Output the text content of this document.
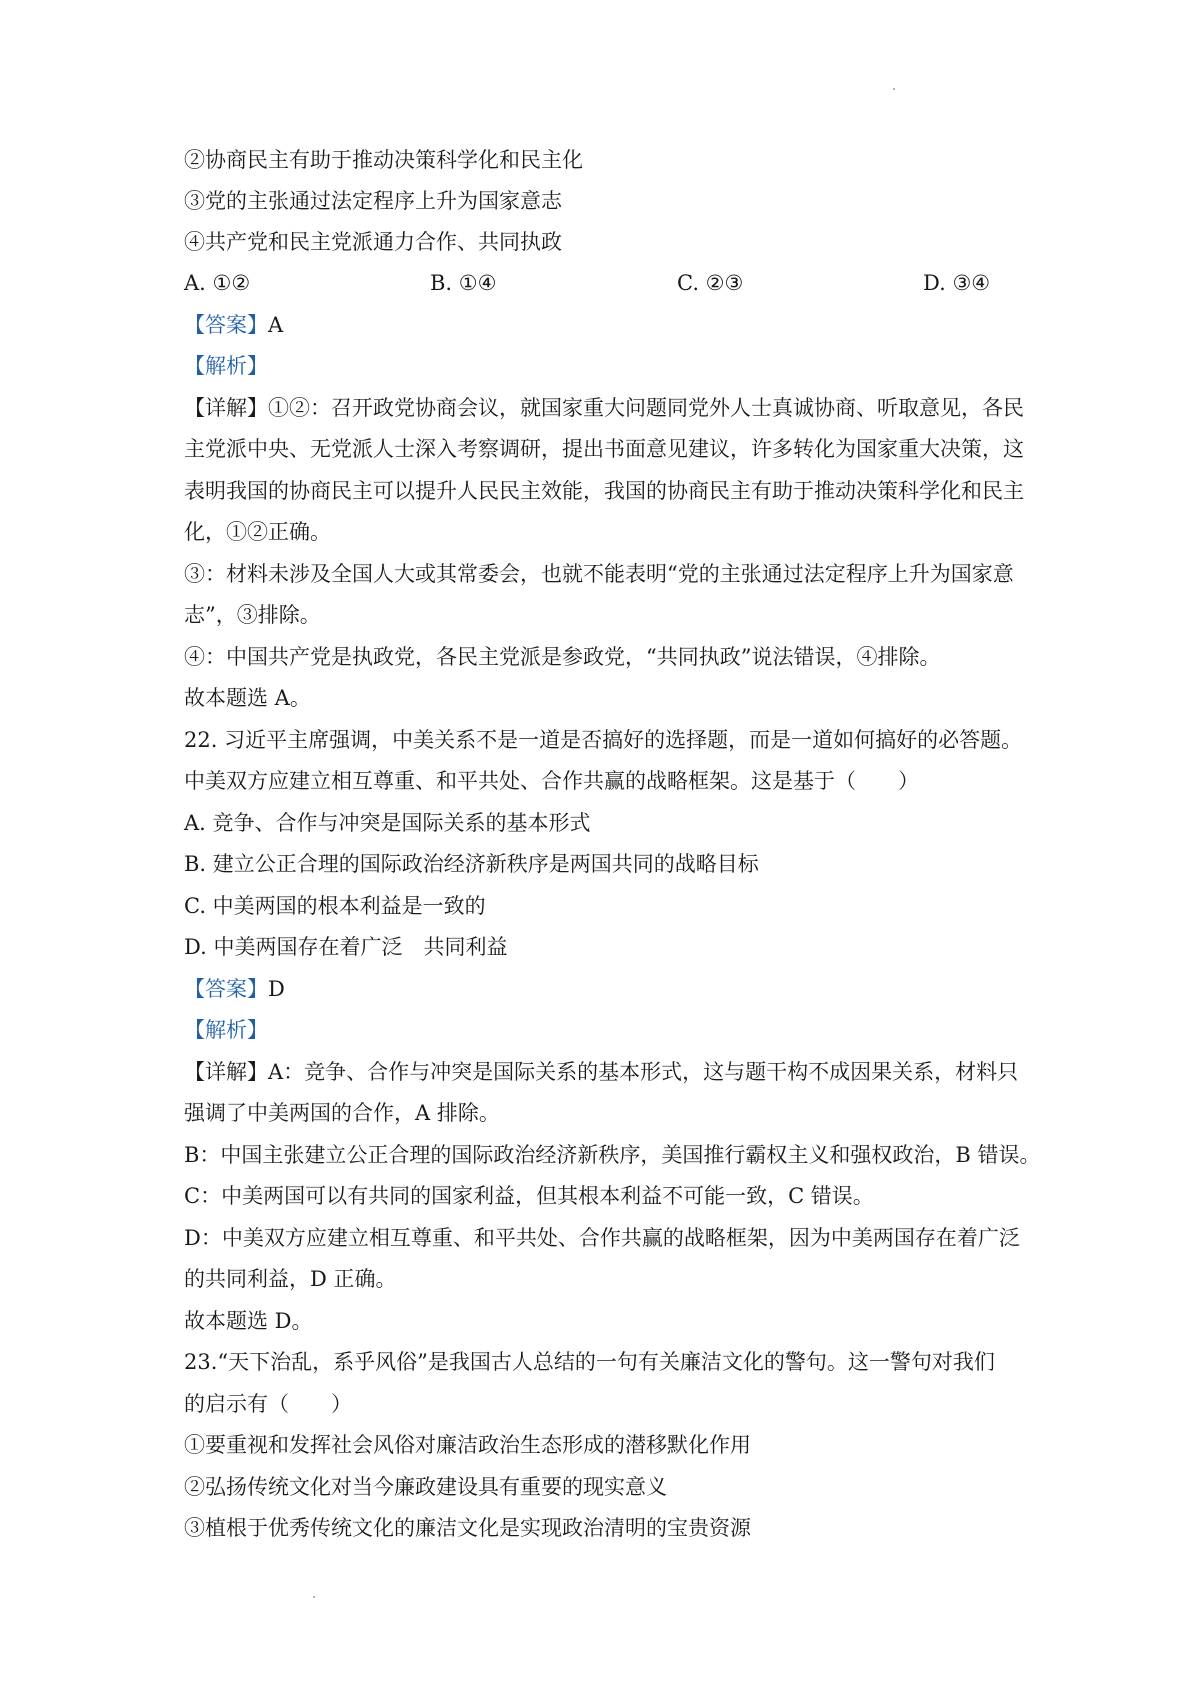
②协商民主有助于推动决策科学化和民主化

③党的主张通过法定程序上升为国家意志

④共产党和民主党派通力合作、共同执政

A. ①②	B. ①④	C. ②③	D. ③④

【答案】A

【解析】

【详解】①②：召开政党协商会议，就国家重大问题同党外人士真诚协商、听取意见，各民

主党派中央、无党派人士深入考察调研，提出书面意见建议，许多转化为国家重大决策，这

表明我国的协商民主可以提升人民民主效能，我国的协商民主有助于推动决策科学化和民主

化，①②正确。

③：材料未涉及全国人大或其常委会，也就不能表明“党的主张通过法定程序上升为国家意

志”，③排除。

④：中国共产党是执政党，各民主党派是参政党，“共同执政”说法错误，④排除。

故本题选 A。

22. 习近平主席强调，中美关系不是一道是否搞好的选择题，而是一道如何搞好的必答题。

中美双方应建立相互尊重、和平共处、合作共赢的战略框架。这是基于（　　）

A. 竞争、合作与冲突是国际关系的基本形式

B. 建立公正合理的国际政治经济新秩序是两国共同的战略目标

C. 中美两国的根本利益是一致的

D. 中美两国存在着广泛　共同利益

【答案】D

【解析】

【详解】A：竞争、合作与冲突是国际关系的基本形式，这与题干构不成因果关系，材料只

强调了中美两国的合作，A 排除。

B：中国主张建立公正合理的国际政治经济新秩序，美国推行霸权主义和强权政治，B 错误。

C：中美两国可以有共同的国家利益，但其根本利益不可能一致，C 错误。

D：中美双方应建立相互尊重、和平共处、合作共赢的战略框架，因为中美两国存在着广泛

的共同利益，D 正确。

故本题选 D。

23.“天下治乱，系乎风俗”是我国古人总结的一句有关廉洁文化的警句。这一警句对我们

的启示有（　　）

①要重视和发挥社会风俗对廉洁政治生态形成的潜移默化作用

②弘扬传统文化对当今廉政建设具有重要的现实意义

③植根于优秀传统文化的廉洁文化是实现政治清明的宝贵资源
